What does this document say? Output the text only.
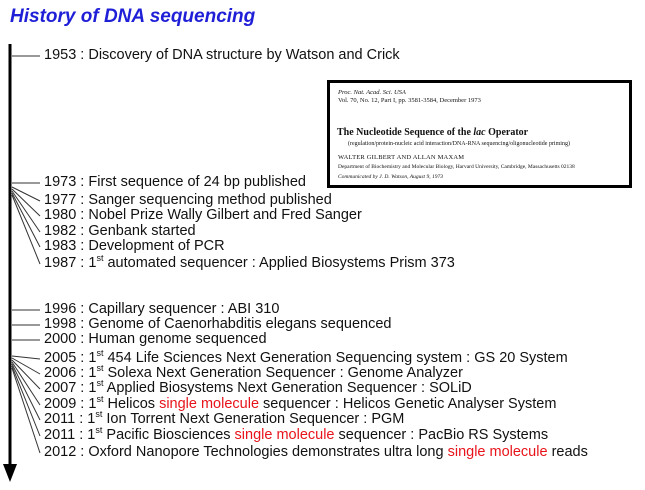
History of DNA sequencing
1953 : Discovery of DNA structure by Watson and Crick
1973 : First sequence of 24 bp published
1977 : Sanger sequencing method published
1980 : Nobel Prize Wally Gilbert and Fred Sanger
1982 : Genbank started
1983 : Development of PCR
1987 : 1st automated sequencer : Applied Biosystems Prism 373
1996 : Capillary sequencer : ABI 310
1998 : Genome of Caenorhabditis elegans sequenced
2000 : Human genome sequenced
2005 : 1st 454 Life Sciences Next Generation Sequencing system : GS 20 System
2006 : 1st Solexa Next Generation Sequencer : Genome Analyzer
2007 : 1st Applied Biosystems Next Generation Sequencer : SOLiD
2009 : 1st Helicos single molecule sequencer : Helicos Genetic Analyser System
2011 : 1st Ion Torrent Next Generation Sequencer : PGM
2011 : 1st Pacific Biosciences single molecule sequencer : PacBio RS Systems
2012 : Oxford Nanopore Technologies demonstrates ultra long single molecule reads
Proc. Nat. Acad. Sci. USA
Vol. 70, No. 12, Part I, pp. 3581-3584, December 1973
The Nucleotide Sequence of the lac Operator
(regulation/protein-nucleic acid interaction/DNA-RNA sequencing/oligonucleotide priming)
WALTER GILBERT AND ALLAN MAXAM
Department of Biochemistry and Molecular Biology, Harvard University, Cambridge, Massachusetts 02138
Communicated by J. D. Watson, August 9, 1973
